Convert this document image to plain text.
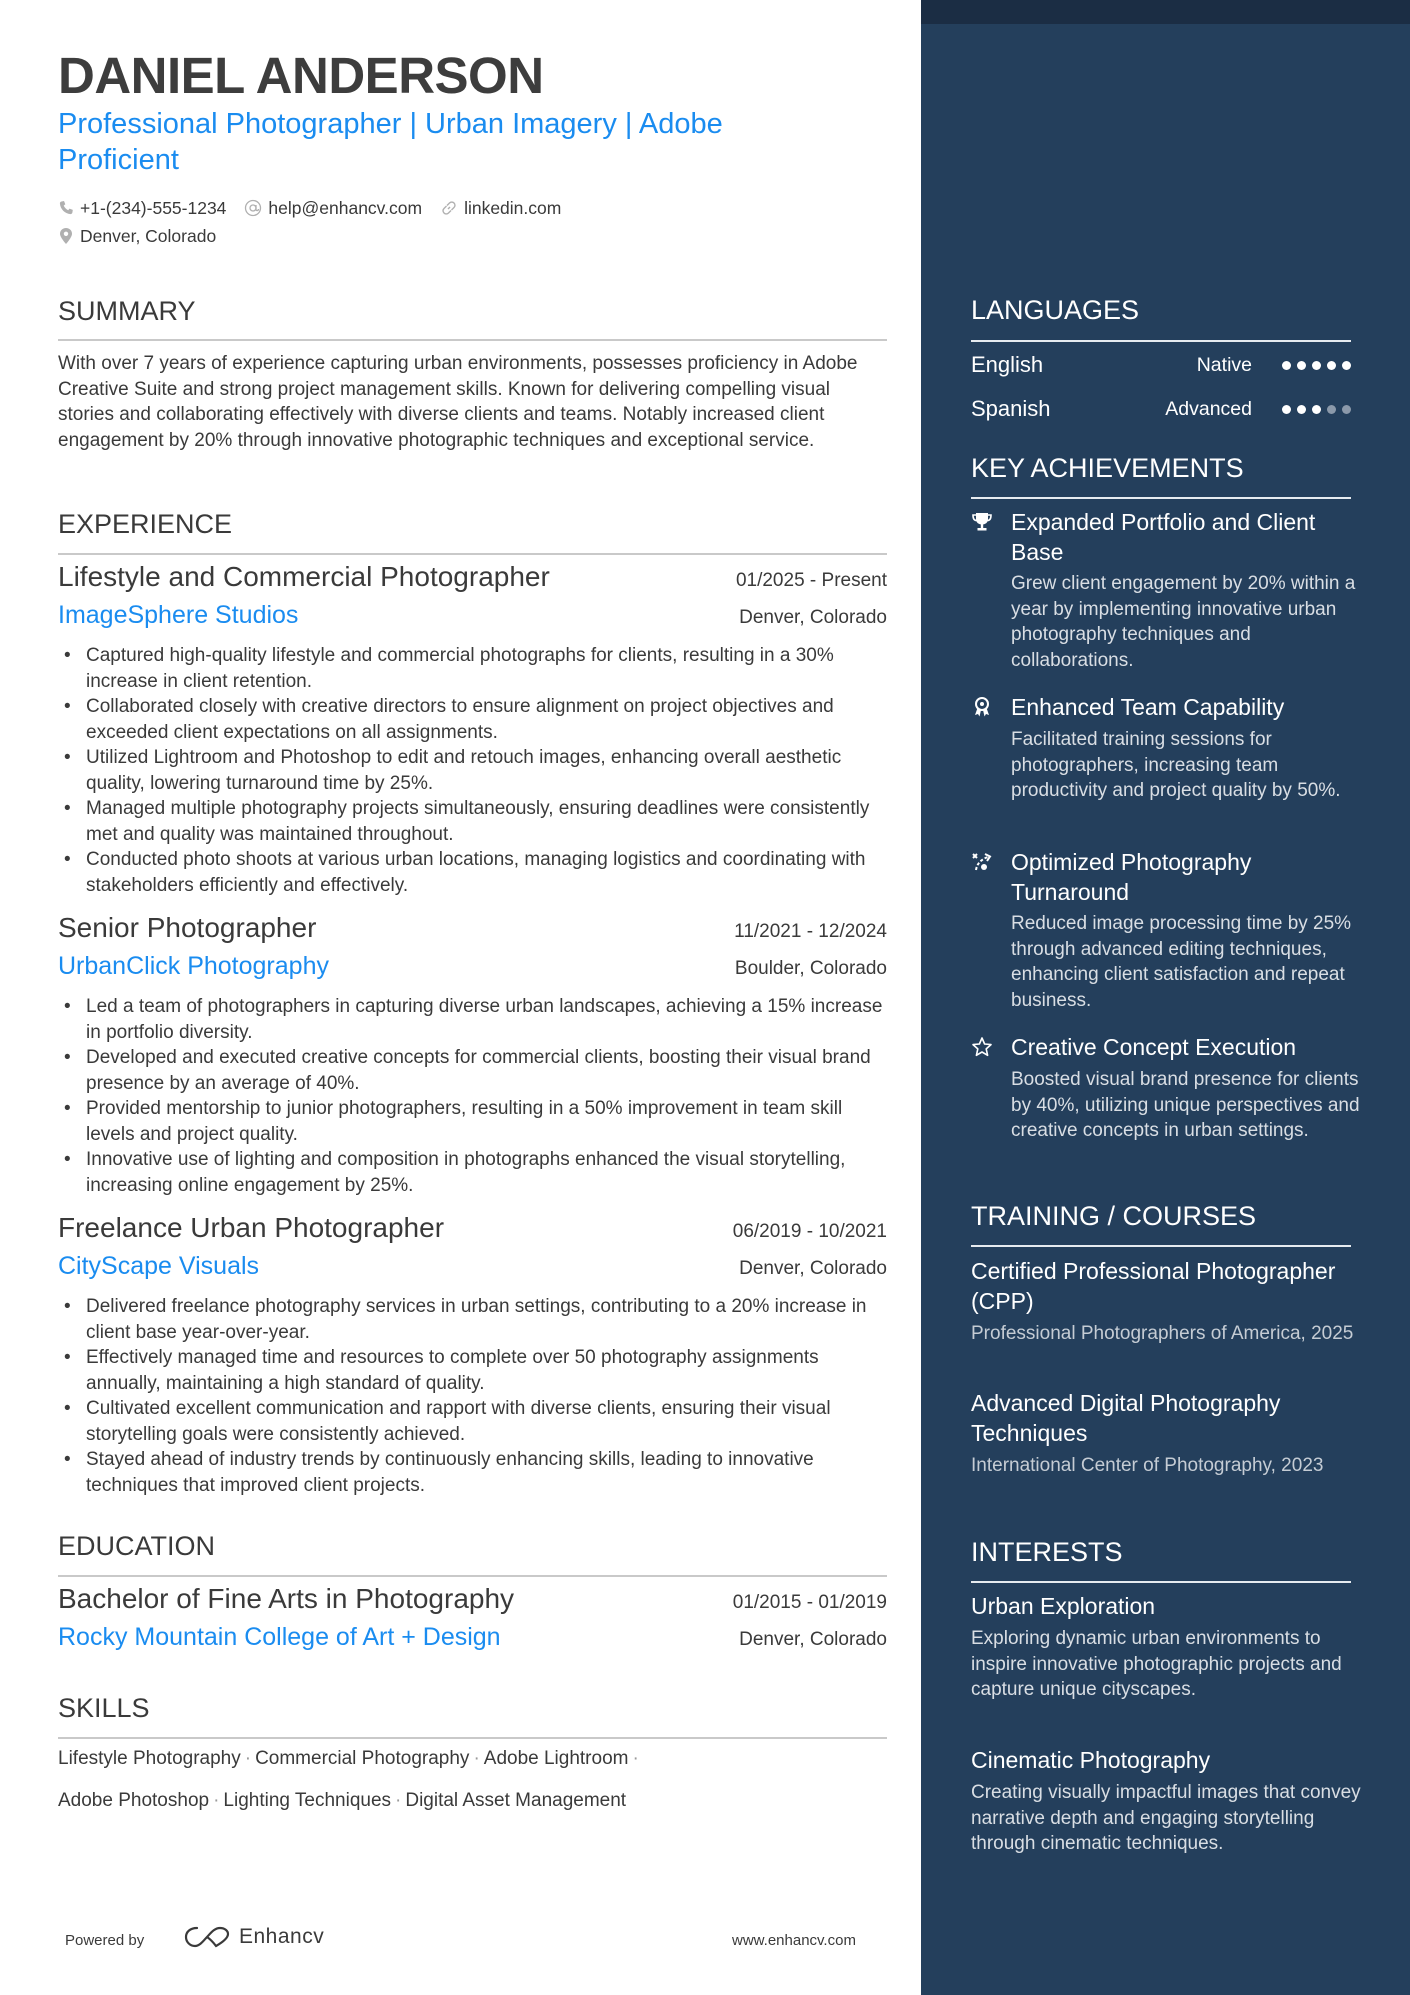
DANIEL ANDERSON
Professional Photographer | Urban Imagery | Adobe Proficient
+1-(234)-555-1234 help@enhancv.com linkedin.com
Denver, Colorado
SUMMARY
With over 7 years of experience capturing urban environments, possesses proficiency in Adobe Creative Suite and strong project management skills. Known for delivering compelling visual stories and collaborating effectively with diverse clients and teams. Notably increased client engagement by 20% through innovative photographic techniques and exceptional service.
EXPERIENCE
Lifestyle and Commercial Photographer	01/2025 - Present
ImageSphere Studios	Denver, Colorado
• Captured high-quality lifestyle and commercial photographs for clients, resulting in a 30% increase in client retention.
• Collaborated closely with creative directors to ensure alignment on project objectives and exceeded client expectations on all assignments.
• Utilized Lightroom and Photoshop to edit and retouch images, enhancing overall aesthetic quality, lowering turnaround time by 25%.
• Managed multiple photography projects simultaneously, ensuring deadlines were consistently met and quality was maintained throughout.
• Conducted photo shoots at various urban locations, managing logistics and coordinating with stakeholders efficiently and effectively.
Senior Photographer	11/2021 - 12/2024
UrbanClick Photography	Boulder, Colorado
• Led a team of photographers in capturing diverse urban landscapes, achieving a 15% increase in portfolio diversity.
• Developed and executed creative concepts for commercial clients, boosting their visual brand presence by an average of 40%.
• Provided mentorship to junior photographers, resulting in a 50% improvement in team skill levels and project quality.
• Innovative use of lighting and composition in photographs enhanced the visual storytelling, increasing online engagement by 25%.
Freelance Urban Photographer	06/2019 - 10/2021
CityScape Visuals	Denver, Colorado
• Delivered freelance photography services in urban settings, contributing to a 20% increase in client base year-over-year.
• Effectively managed time and resources to complete over 50 photography assignments annually, maintaining a high standard of quality.
• Cultivated excellent communication and rapport with diverse clients, ensuring their visual storytelling goals were consistently achieved.
• Stayed ahead of industry trends by continuously enhancing skills, leading to innovative techniques that improved client projects.
EDUCATION
Bachelor of Fine Arts in Photography	01/2015 - 01/2019
Rocky Mountain College of Art + Design	Denver, Colorado
SKILLS
Lifestyle Photography · Commercial Photography · Adobe Lightroom ·
Adobe Photoshop · Lighting Techniques · Digital Asset Management
Powered by	Enhancv	www.enhancv.com
LANGUAGES
English	Native
Spanish	Advanced
KEY ACHIEVEMENTS
Expanded Portfolio and Client Base
Grew client engagement by 20% within a year by implementing innovative urban photography techniques and collaborations.
Enhanced Team Capability
Facilitated training sessions for photographers, increasing team productivity and project quality by 50%.
Optimized Photography Turnaround
Reduced image processing time by 25% through advanced editing techniques, enhancing client satisfaction and repeat business.
Creative Concept Execution
Boosted visual brand presence for clients by 40%, utilizing unique perspectives and creative concepts in urban settings.
TRAINING / COURSES
Certified Professional Photographer (CPP)
Professional Photographers of America, 2025
Advanced Digital Photography Techniques
International Center of Photography, 2023
INTERESTS
Urban Exploration
Exploring dynamic urban environments to inspire innovative photographic projects and capture unique cityscapes.
Cinematic Photography
Creating visually impactful images that convey narrative depth and engaging storytelling through cinematic techniques.
